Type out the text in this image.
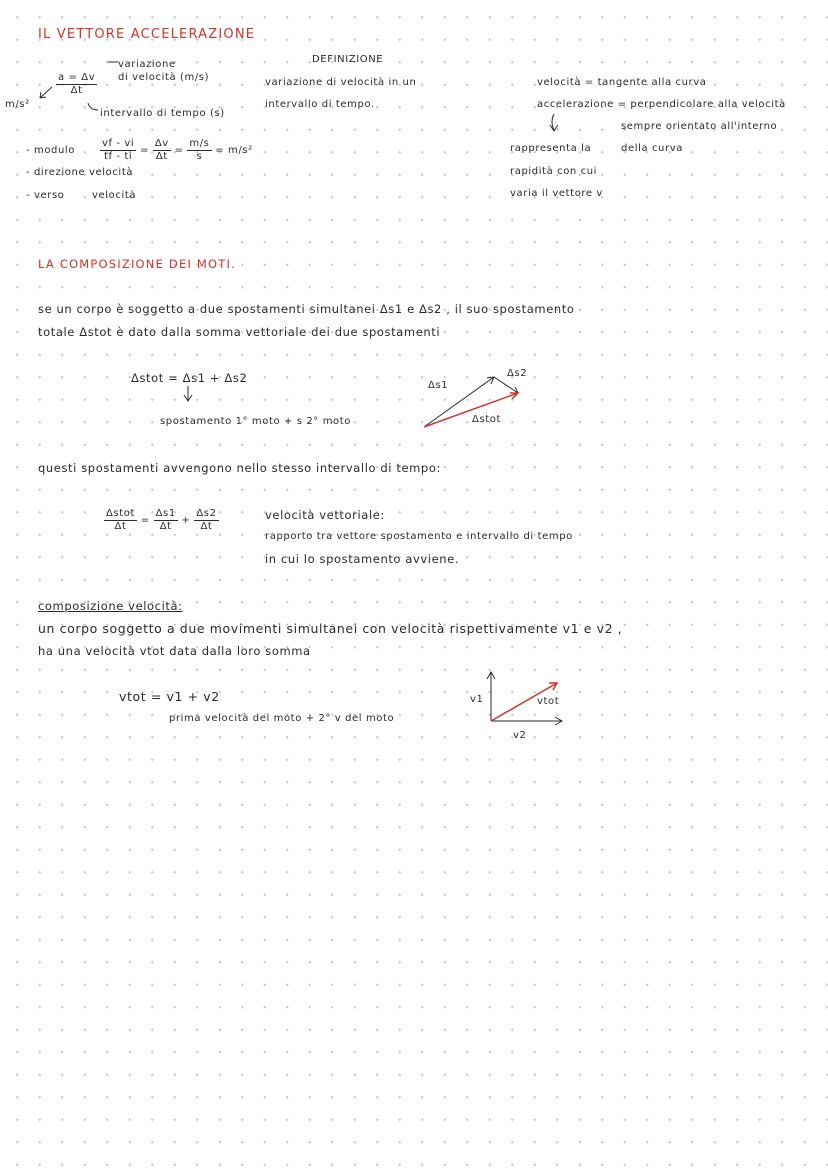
IL VETTORE ACCELERAZIONE
variazione
di velocità (m/s)
$\frac{a = \Delta v}{\Delta t}$
m/s²
intervallo di tempo (s)
- modulo $\frac{vf - vi}{tf - ti} = \frac{\Delta v}{\Delta t} = \frac{m/s}{s} = m/s^2$
- direzione velocità
- verso	velocità
DEFINIZIONE
variazione di velocità in un
intervallo di tempo.
velocità = tangente alla curva
accelerazione = perpendicolare alla velocità
sempre orientato all'interno
della curva
rappresenta la
rapidità con cui
varia il vettore v
LA COMPOSIZIONE DEI MOTI.
se un corpo è soggetto a due spostamenti simultanei Δs1 e Δs2 , il suo spostamento
totale Δstot è dato dalla somma vettoriale dei due spostamenti
Δstot = Δs1 + Δs2
spostamento 1° moto + s 2° moto
Δs1
Δs2
Δstot
questi spostamenti avvengono nello stesso intervallo di tempo:
$\frac{\text{Δstot}}{\Delta t} = \frac{\Delta s1}{\Delta t} + \frac{\Delta s2}{\Delta t}$	velocità vettoriale:
rapporto tra vettore spostamento e intervallo di tempo
in cui lo spostamento avviene.
composizione velocità:
un corpo soggetto a due movimenti simultanei con velocità rispettivamente v1 e v2 ,
ha una velocità vtot data dalla loro somma
vtot = v1 + v2
prima velocità del moto + 2° v del moto
v1	vtot
v2
